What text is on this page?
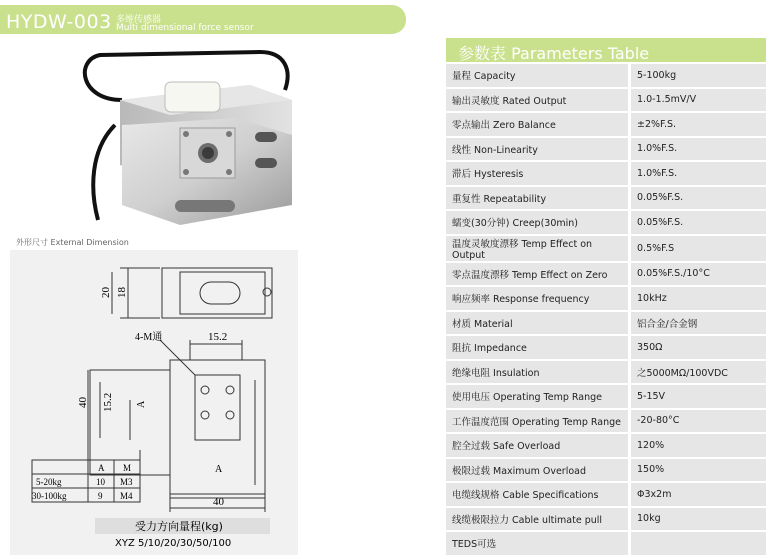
HYDW-003 多维传感器
Multi dimensional force sensor
外形尺寸 External Dimension
20 18
4-M通	15.2
40 15.2 A
A
40
A M
5-20kg	10 M3
30-100kg	9 M4
受力方向量程(kg)
XYZ 5/10/20/30/50/100
参数表 Parameters Table
量程 Capacity	5-100kg
输出灵敏度 Rated Output	1.0-1.5mV/V
零点输出 Zero Balance	±2%F.S.
线性 Non-Linearity	1.0%F.S.
滞后 Hysteresis	1.0%F.S.
重复性 Repeatability	0.05%F.S.
蠕变(30分钟) Creep(30min)	0.05%F.S.
温度灵敏度漂移 Temp Effect on Output	0.5%F.S
零点温度漂移 Temp Effect on Zero	0.05%F.S./10°C
响应频率 Response frequency	10kHz
材质 Material	铝合金/合金钢
阻抗 Impedance	350Ω
绝缘电阻 Insulation	之5000MΩ/100VDC
使用电压 Operating Temp Range	5-15V
工作温度范围 Operating Temp Range	-20-80°C
腔全过载 Safe Overload	120%
极限过载 Maximum Overload	150%
电缆线规格 Cable Specifications	Φ3x2m
线缆极限拉力 Cable ultimate pull	10kg
TEDS可选	
